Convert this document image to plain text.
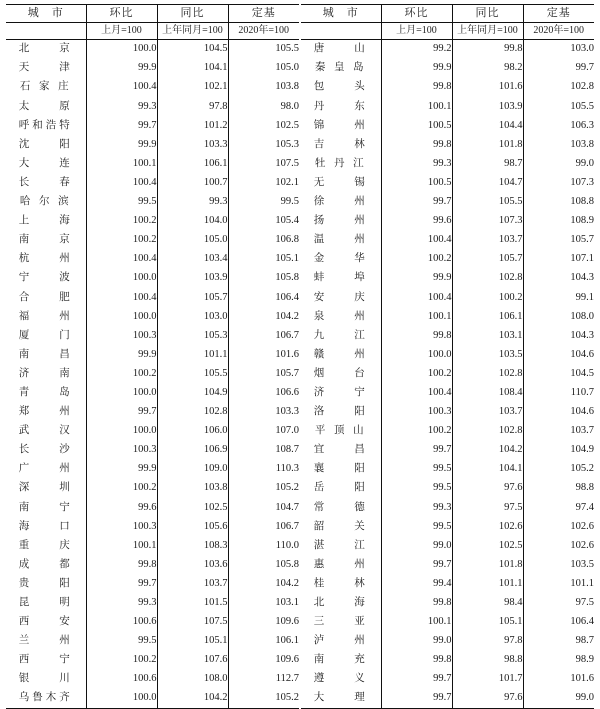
城　市	环比	同比	定基
	上月=100	上年同月=100	2020年=100
北　　京	100.0	104.5	105.5
天　　津	99.9	104.1	105.0
石 家 庄	100.4	102.1	103.8
太　　原	99.3	97.8	98.0
呼和浩特	99.7	101.2	102.5
沈　　阳	99.9	103.3	105.3
大　　连	100.1	106.1	107.5
长　　春	100.4	100.7	102.1
哈 尔 滨	99.5	99.3	99.5
上　　海	100.2	104.0	105.4
南　　京	100.2	105.0	106.8
杭　　州	100.4	103.4	105.1
宁　　波	100.0	103.9	105.8
合　　肥	100.4	105.7	106.4
福　　州	100.0	103.0	104.2
厦　　门	100.3	105.3	106.7
南　　昌	99.9	101.1	101.6
济　　南	100.2	105.5	105.7
青　　岛	100.0	104.9	106.6
郑　　州	99.7	102.8	103.3
武　　汉	100.0	106.0	107.0
长　　沙	100.3	106.9	108.7
广　　州	99.9	109.0	110.3
深　　圳	100.2	103.8	105.2
南　　宁	99.6	102.5	104.7
海　　口	100.3	105.6	106.7
重　　庆	100.1	108.3	110.0
成　　都	99.8	103.6	105.8
贵　　阳	99.7	103.7	104.2
昆　　明	99.3	101.5	103.1
西　　安	100.6	107.5	109.6
兰　　州	99.5	105.1	106.1
西　　宁	100.2	107.6	109.6
银　　川	100.6	108.0	112.7
乌鲁木齐	100.0	104.2	105.2
城　市	环比	同比	定基
	上月=100	上年同月=100	2020年=100
唐　　山	99.2	99.8	103.0
秦 皇 岛	99.9	98.2	99.7
包　　头	99.8	101.6	102.8
丹　　东	100.1	103.9	105.5
锦　　州	100.5	104.4	106.3
吉　　林	99.8	101.8	103.8
牡 丹 江	99.3	98.7	99.0
无　　锡	100.5	104.7	107.3
徐　　州	99.7	105.5	108.8
扬　　州	99.6	107.3	108.9
温　　州	100.4	103.7	105.7
金　　华	100.2	105.7	107.1
蚌　　埠	99.9	102.8	104.3
安　　庆	100.4	100.2	99.1
泉　　州	100.1	106.1	108.0
九　　江	99.8	103.1	104.3
赣　　州	100.0	103.5	104.6
烟　　台	100.2	102.8	104.5
济　　宁	100.4	108.4	110.7
洛　　阳	100.3	103.7	104.6
平 顶 山	100.2	102.8	103.7
宜　　昌	99.7	104.2	104.9
襄　　阳	99.5	104.1	105.2
岳　　阳	99.5	97.6	98.8
常　　德	99.3	97.5	97.4
韶　　关	99.5	102.6	102.6
湛　　江	99.0	102.5	102.6
惠　　州	99.7	101.8	103.5
桂　　林	99.4	101.1	101.1
北　　海	99.8	98.4	97.5
三　　亚	100.1	105.1	106.4
泸　　州	99.0	97.8	98.7
南　　充	99.8	98.8	98.9
遵　　义	99.7	101.7	101.6
大　　理	99.7	97.6	99.0
